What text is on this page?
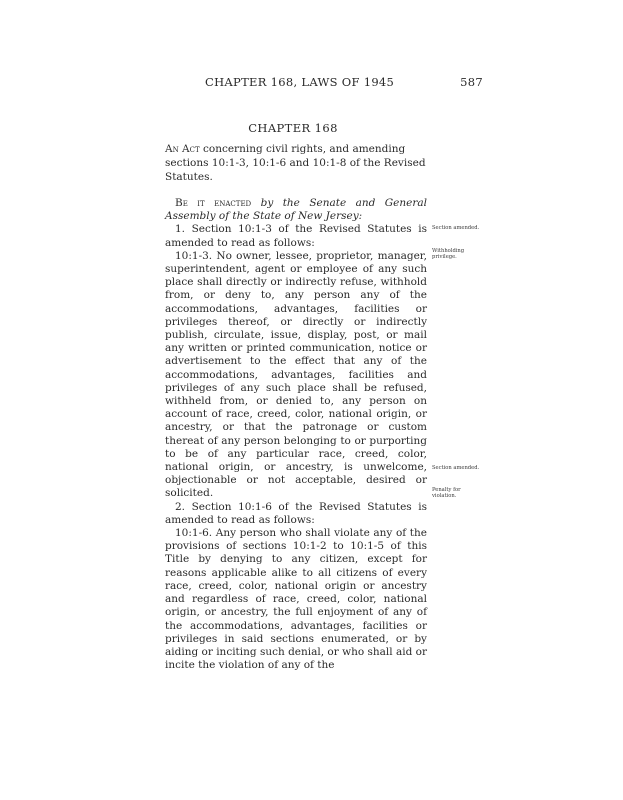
CHAPTER 168, LAWS OF 1945	587
CHAPTER 168

An Act concerning civil rights, and amending sections 10:1-3, 10:1-6 and 10:1-8 of the Revised Statutes.

Be it enacted by the Senate and General Assembly of the State of New Jersey:

1. Section 10:1-3 of the Revised Statutes is amended to read as follows:

10:1-3. No owner, lessee, proprietor, manager, superintendent, agent or employee of any such place shall directly or indirectly refuse, withhold from, or deny to, any person any of the accommodations, advantages, facilities or privileges thereof, or directly or indirectly publish, circulate, issue, display, post, or mail any written or printed communication, notice or advertisement to the effect that any of the accommodations, advantages, facilities and privileges of any such place shall be refused, withheld from, or denied to, any person on account of race, creed, color, national origin, or ancestry, or that the patronage or custom thereat of any person belonging to or purporting to be of any particular race, creed, color, national origin, or ancestry, is unwelcome, objectionable or not acceptable, desired or solicited.

2. Section 10:1-6 of the Revised Statutes is amended to read as follows:

10:1-6. Any person who shall violate any of the provisions of sections 10:1-2 to 10:1-5 of this Title by denying to any citizen, except for reasons applicable alike to all citizens of every race, creed, color, national origin or ancestry and regardless of race, creed, color, national origin, or ancestry, the full enjoyment of any of the accommodations, advantages, facilities or privileges in said sections enumerated, or by aiding or inciting such denial, or who shall aid or incite the violation of any of the

Section amended.
Withholding privilege.
Section amended.
Penalty for violation.
